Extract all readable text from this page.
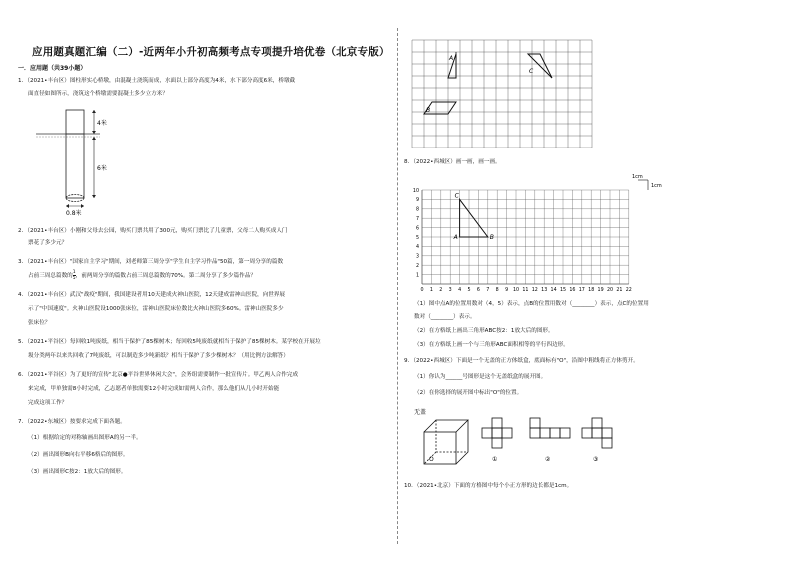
应用题真题汇编（二）-近两年小升初高频考点专项提升培优卷（北京专版）
一．应用题（共39小题）
1．（2021•丰台区）图柱形实心桥墩，由混凝土浇筑而成，水面以上部分高度为4米，水下部分高度6米，桥墩截
面直径如图所示，浇筑这个桥墩需要混凝土多少立方米？
4米
6米
0.8米
2．（2021•丰台区）小刚和父母去公园，购买门票共用了300元，购买门票比了儿童票，父母二人购买成人门
票花了多少元？
3．（2021•丰台区）"国家自主学习"期间，刘老师第三周分享"学生自主学习作品"50篇，第一周分享的篇数
占前三周总篇数的 $\frac{1}{5}$ ，前两周分享的篇数占前三周总篇数的70%。第二周分享了多少篇作品？
4．（2021•丰台区）武汉"战疫"期间，我国建设者用10天建成火神山医院，12天建成雷神山医院，向世界展
示了"中国速度"。火神山医院设1000张床位，雷神山医院床位数比火神山医院多60%。雷神山医院多少
张床位？
5．（2021•平谷区）每回收1吨废纸，相当于保护了85棵树木；每回收5吨废纸就相当于保护了85棵树木。某学校在开展垃
圾分类两年以来共回收了7吨废纸，可以制造多少吨新纸？相当于保护了多少棵树木？（用比例方法解答）
6．（2021•平谷区）为了更好的宣传"北京●平谷世界休闲大会"，会务组需要制作一批宣传片。甲乙两人合作完成
来完成，甲单独需8小时完成，乙志愿者单独需要12小时完成如需两人合作，那么他们从几小时开始能
完成这项工作？
7．（2022•东城区）按要求完成下面各题。
（1）根据给定的对称轴画出图形A的另一半。
（2）画出图形B向右平移6格后的图形。
（3）画出图形C按2：1放大后的图形。
A
C
B
8．（2022•西城区）画一画，画一画。
0 1 2 3 4 5 6 7 8 9 10 11 12 13 14 15 16 17 18 19 20 21 22
1
2
3
4
5
6
7
8
9
10
A	B
C
1cm
1cm
（1）图中点A的位置用数对（4，5）表示，点B的位置用数对（________）表示，点C的位置用
数对（________）表示。
（2）在方格纸上画出三角形ABC按2：1放大后的图形。
（3）在方格纸上画一个与三角形ABC面积相等的平行四边形。
9．（2022•西城区）下面是一个无盖的正方体纸盒，底面标有"O"，沿图中粗线将正方体剪开。
（1）你认为______号图形是这个无盖纸盒的展开图。
（2）在你选择的展开图中标出"O"的位置。
无盖
O	①	②	③
10．（2021•北京）下面的方格图中每个小正方形的边长都是1cm。
